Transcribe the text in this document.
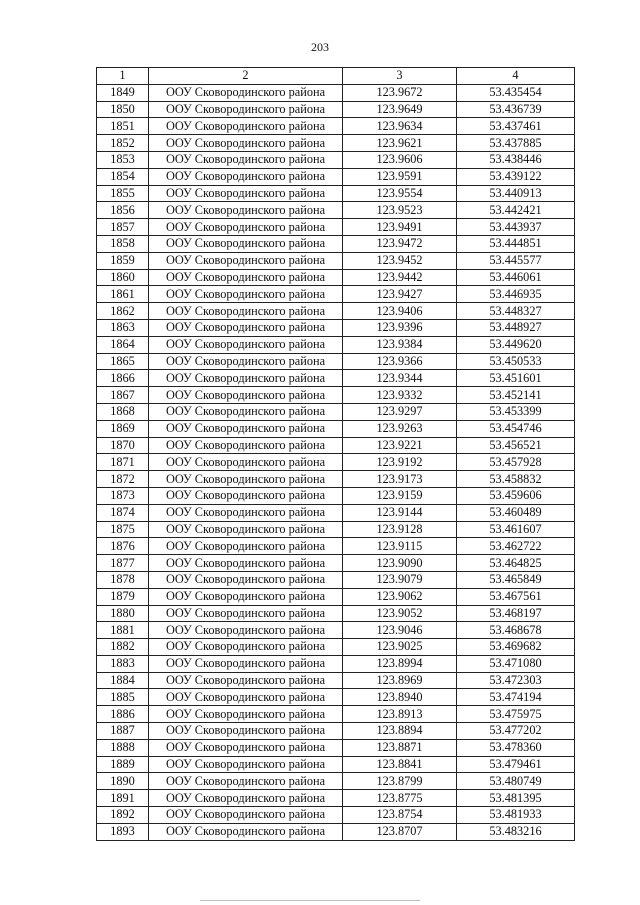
203
1	2	3	4
1849	ООУ Сковородинского района	123.9672	53.435454
1850	ООУ Сковородинского района	123.9649	53.436739
1851	ООУ Сковородинского района	123.9634	53.437461
1852	ООУ Сковородинского района	123.9621	53.437885
1853	ООУ Сковородинского района	123.9606	53.438446
1854	ООУ Сковородинского района	123.9591	53.439122
1855	ООУ Сковородинского района	123.9554	53.440913
1856	ООУ Сковородинского района	123.9523	53.442421
1857	ООУ Сковородинского района	123.9491	53.443937
1858	ООУ Сковородинского района	123.9472	53.444851
1859	ООУ Сковородинского района	123.9452	53.445577
1860	ООУ Сковородинского района	123.9442	53.446061
1861	ООУ Сковородинского района	123.9427	53.446935
1862	ООУ Сковородинского района	123.9406	53.448327
1863	ООУ Сковородинского района	123.9396	53.448927
1864	ООУ Сковородинского района	123.9384	53.449620
1865	ООУ Сковородинского района	123.9366	53.450533
1866	ООУ Сковородинского района	123.9344	53.451601
1867	ООУ Сковородинского района	123.9332	53.452141
1868	ООУ Сковородинского района	123.9297	53.453399
1869	ООУ Сковородинского района	123.9263	53.454746
1870	ООУ Сковородинского района	123.9221	53.456521
1871	ООУ Сковородинского района	123.9192	53.457928
1872	ООУ Сковородинского района	123.9173	53.458832
1873	ООУ Сковородинского района	123.9159	53.459606
1874	ООУ Сковородинского района	123.9144	53.460489
1875	ООУ Сковородинского района	123.9128	53.461607
1876	ООУ Сковородинского района	123.9115	53.462722
1877	ООУ Сковородинского района	123.9090	53.464825
1878	ООУ Сковородинского района	123.9079	53.465849
1879	ООУ Сковородинского района	123.9062	53.467561
1880	ООУ Сковородинского района	123.9052	53.468197
1881	ООУ Сковородинского района	123.9046	53.468678
1882	ООУ Сковородинского района	123.9025	53.469682
1883	ООУ Сковородинского района	123.8994	53.471080
1884	ООУ Сковородинского района	123.8969	53.472303
1885	ООУ Сковородинского района	123.8940	53.474194
1886	ООУ Сковородинского района	123.8913	53.475975
1887	ООУ Сковородинского района	123.8894	53.477202
1888	ООУ Сковородинского района	123.8871	53.478360
1889	ООУ Сковородинского района	123.8841	53.479461
1890	ООУ Сковородинского района	123.8799	53.480749
1891	ООУ Сковородинского района	123.8775	53.481395
1892	ООУ Сковородинского района	123.8754	53.481933
1893	ООУ Сковородинского района	123.8707	53.483216
